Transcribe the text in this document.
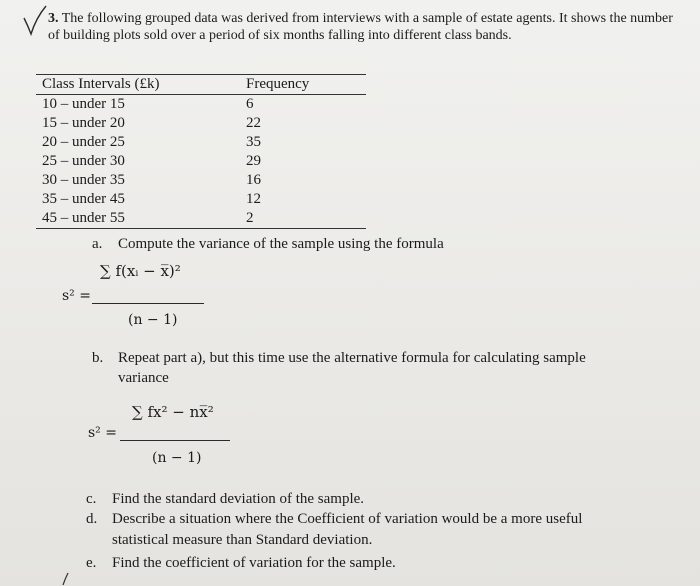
3. The following grouped data was derived from interviews with a sample of estate agents. It shows the number of building plots sold over a period of six months falling into different class bands.
Class Intervals (£k)	Frequency
10 – under 15	6
15 – under 20	22
20 – under 25	35
25 – under 30	29
30 – under 35	16
35 – under 45	12
45 – under 55	2
a. Compute the variance of the sample using the formula
∑ f(xᵢ − x̅)²
s² =
(n − 1)
b. Repeat part a), but this time use the alternative formula for calculating sample
variance
∑ fx² − nx̅²
s² =
(n − 1)
c. Find the standard deviation of the sample.
d. Describe a situation where the Coefficient of variation would be a more useful
statistical measure than Standard deviation.
e. Find the coefficient of variation for the sample.
